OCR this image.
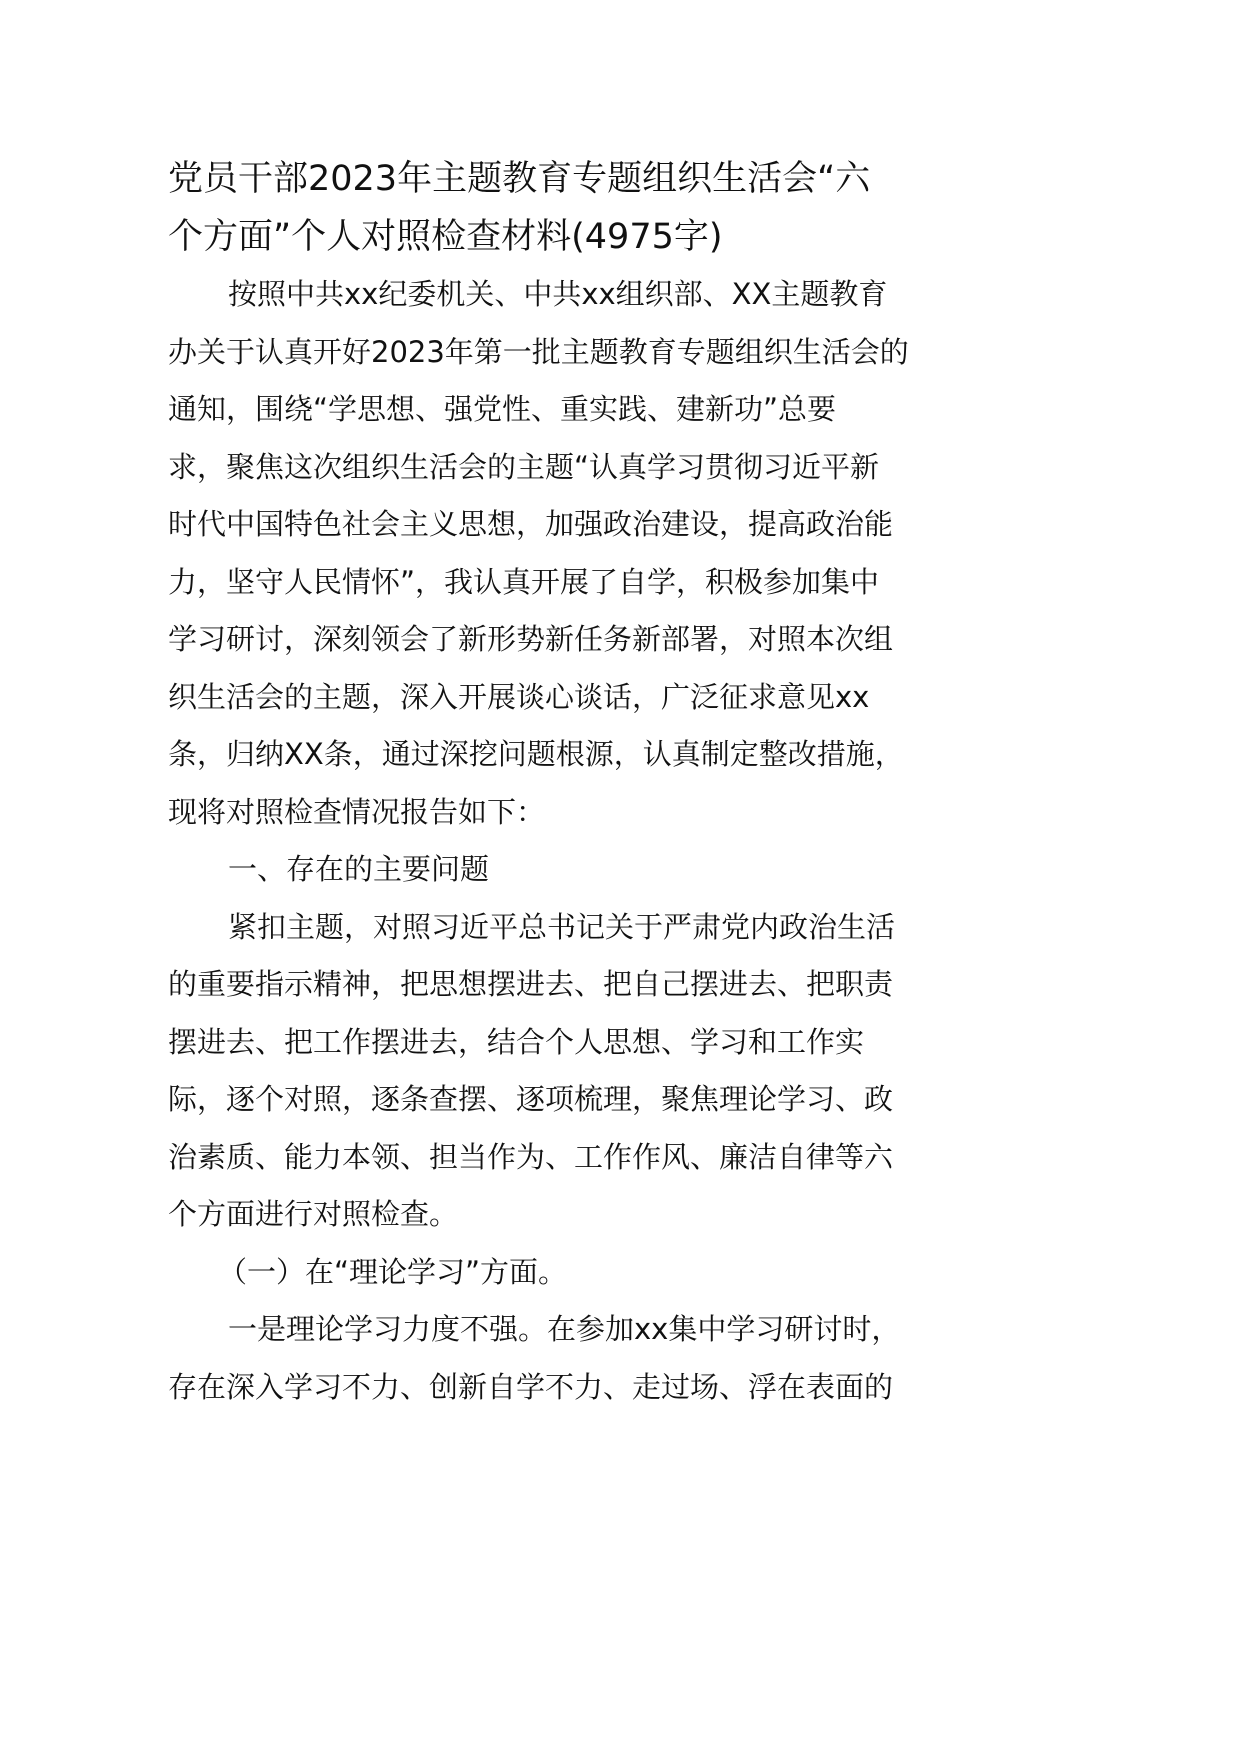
党员干部2023年主题教育专题组织生活会“六
个方面”个人对照检查材料(4975字)

按照中共xx纪委机关、中共xx组织部、XX主题教育
办关于认真开好2023年第一批主题教育专题组织生活会的
通知，围绕“学思想、强党性、重实践、建新功”总要
求，聚焦这次组织生活会的主题“认真学习贯彻习近平新
时代中国特色社会主义思想，加强政治建设，提高政治能
力，坚守人民情怀”，我认真开展了自学，积极参加集中
学习研讨，深刻领会了新形势新任务新部署，对照本次组
织生活会的主题，深入开展谈心谈话，广泛征求意见xx
条，归纳XX条，通过深挖问题根源，认真制定整改措施，
现将对照检查情况报告如下：

一、存在的主要问题

紧扣主题，对照习近平总书记关于严肃党内政治生活
的重要指示精神，把思想摆进去、把自己摆进去、把职责
摆进去、把工作摆进去，结合个人思想、学习和工作实
际，逐个对照，逐条查摆、逐项梳理，聚焦理论学习、政
治素质、能力本领、担当作为、工作作风、廉洁自律等六
个方面进行对照检查。

（一）在“理论学习”方面。

一是理论学习力度不强。在参加xx集中学习研讨时，
存在深入学习不力、创新自学不力、走过场、浮在表面的
